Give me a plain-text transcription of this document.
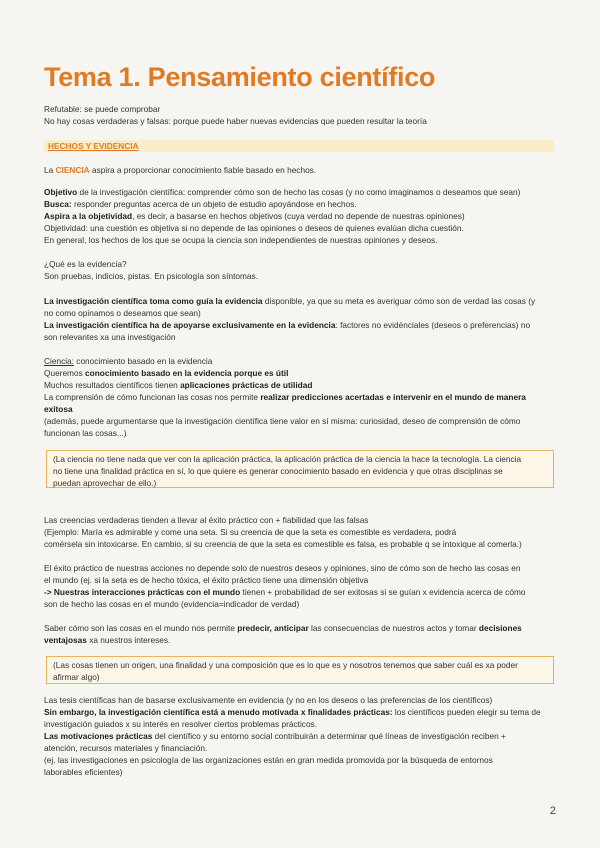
Tema 1. Pensamiento científico
Refutable: se puede comprobar
No hay cosas verdaderas y falsas: porque puede haber nuevas evidencias que pueden resultar la teoría
HECHOS Y EVIDENCIA
La CIENCIA aspira a proporcionar conocimiento fiable basado en hechos.
Objetivo de la investigación científica: comprender cómo son de hecho las cosas (y no como imaginamos o deseamos que sean)
Busca: responder preguntas acerca de un objeto de estudio apoyándose en hechos.
Aspira a la objetividad, es decir, a basarse en hechos objetivos (cuya verdad no depende de nuestras opiniones)
Objetividad: una cuestión es objetiva si no depende de las opiniones o deseos de quienes evalúan dicha cuestión.
En general, los hechos de los que se ocupa la ciencia son independientes de nuestras opiniones y deseos.
¿Qué es la evidencia?
Son pruebas, indicios, pistas. En psicología son síntomas.
La investigación científica toma como guía la evidencia disponible, ya que su meta es averiguar cómo son de verdad las cosas (y
no como opinamos o deseamos que sean)
La investigación científica ha de apoyarse exclusivamente en la evidencia: factores no evidénciales (deseos o preferencias) no
son relevantes xa una investigación
Ciencia: conocimiento basado en la evidencia
Queremos conocimiento basado en la evidencia porque es útil
Muchos resultados científicos tienen aplicaciones prácticas de utilidad
La comprensión de cómo funcionan las cosas nos permite realizar predicciones acertadas e intervenir en el mundo de manera
exitosa
(además, puede argumentarse que la investigación científica tiene valor en sí misma: curiosidad, deseo de comprensión de cómo
funcionan las cosas...)
(La ciencia no tiene nada que ver con la aplicación práctica, la aplicación práctica de la ciencia la hace la tecnología. La ciencia
no tiene una finalidad práctica en sí, lo que quiere es generar conocimiento basado en evidencia y que otras disciplinas se
puedan aprovechar de ello.)
Las creencias verdaderas tienden a llevar al éxito práctico con + fiabilidad que las falsas
(Ejemplo: María es admirable y come una seta. Si su creencia de que la seta es comestible es verdadera, podrá
comérsela sin intoxicarse. En cambio, si su creencia de que la seta es comestible es falsa, es probable q se intoxique al comerla.)
El éxito práctico de nuestras acciones no depende solo de nuestros deseos y opiniones, sino de cómo son de hecho las cosas en
el mundo (ej. si la seta es de hecho tóxica, el éxito práctico tiene una dimensión objetiva
-> Nuestras interacciones prácticas con el mundo tienen + probabilidad de ser exitosas si se guían x evidencia acerca de cómo
son de hecho las cosas en el mundo (evidencia=indicador de verdad)
Saber cómo son las cosas en el mundo nos permite predecir, anticipar las consecuencias de nuestros actos y tomar decisiones
ventajosas xa nuestros intereses.
(Las cosas tienen un origen, una finalidad y una composición que es lo que es y nosotros tenemos que saber cuál es xa poder
afirmar algo)
Las tesis científicas han de basarse exclusivamente en evidencia (y no en los deseos o las preferencias de los científicos)
Sin embargo, la investigación científica está a menudo motivada x finalidades prácticas: los científicos pueden elegir su tema de
investigación guiados x su interés en resolver ciertos problemas prácticos.
Las motivaciones prácticas del científico y su entorno social contribuirán a determinar qué líneas de investigación reciben +
atención, recursos materiales y financiación.
(ej. las investigaciones en psicología de las organizaciones están en gran medida promovida por la búsqueda de entornos
laborables eficientes)
2
